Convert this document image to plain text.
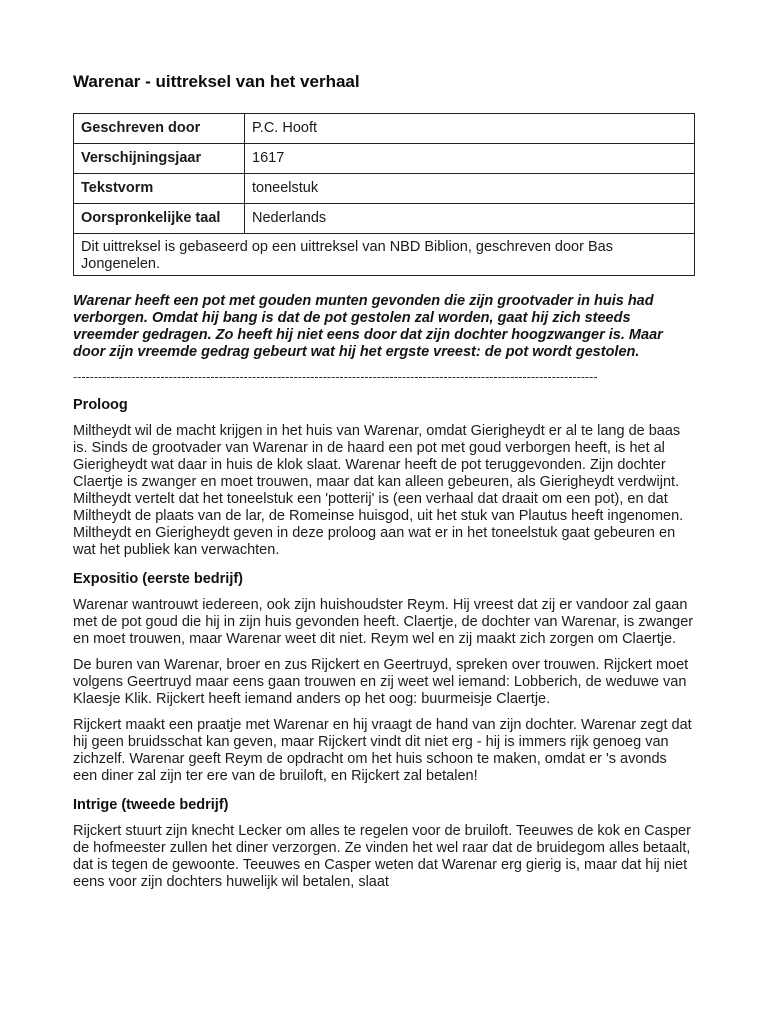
Warenar - uittreksel van het verhaal
Geschreven door	P.C. Hooft
Verschijningsjaar	1617
Tekstvorm	toneelstuk
Oorspronkelijke taal	Nederlands
Dit uittreksel is gebaseerd op een uittreksel van NBD Biblion, geschreven door Bas Jongenelen.	

Warenar heeft een pot met gouden munten gevonden die zijn grootvader in huis had verborgen. Omdat hij bang is dat de pot gestolen zal worden, gaat hij zich steeds vreemder gedragen. Zo heeft hij niet eens door dat zijn dochter hoogzwanger is. Maar door zijn vreemde gedrag gebeurt wat hij het ergste vreest: de pot wordt gestolen.

------------------------------------------------------------------------------------------------------------------------------
Proloog

Miltheydt wil de macht krijgen in het huis van Warenar, omdat Gierigheydt er al te lang de baas is. Sinds de grootvader van Warenar in de haard een pot met goud verborgen heeft, is het al Gierigheydt wat daar in huis de klok slaat. Warenar heeft de pot teruggevonden. Zijn dochter Claertje is zwanger en moet trouwen, maar dat kan alleen gebeuren, als Gierigheydt verdwijnt. Miltheydt vertelt dat het toneelstuk een 'potterij' is (een verhaal dat draait om een pot), en dat Miltheydt de plaats van de lar, de Romeinse huisgod, uit het stuk van Plautus heeft ingenomen. Miltheydt en Gierigheydt geven in deze proloog aan wat er in het toneelstuk gaat gebeuren en wat het publiek kan verwachten.

Expositio (eerste bedrijf)

Warenar wantrouwt iedereen, ook zijn huishoudster Reym. Hij vreest dat zij er vandoor zal gaan met de pot goud die hij in zijn huis gevonden heeft. Claertje, de dochter van Warenar, is zwanger en moet trouwen, maar Warenar weet dit niet. Reym wel en zij maakt zich zorgen om Claertje.

De buren van Warenar, broer en zus Rijckert en Geertruyd, spreken over trouwen. Rijckert moet volgens Geertruyd maar eens gaan trouwen en zij weet wel iemand: Lobberich, de weduwe van Klaesje Klik. Rijckert heeft iemand anders op het oog: buurmeisje Claertje.

Rijckert maakt een praatje met Warenar en hij vraagt de hand van zijn dochter. Warenar zegt dat hij geen bruidsschat kan geven, maar Rijckert vindt dit niet erg - hij is immers rijk genoeg van zichzelf. Warenar geeft Reym de opdracht om het huis schoon te maken, omdat er 's avonds een diner zal zijn ter ere van de bruiloft, en Rijckert zal betalen!

Intrige (tweede bedrijf)

Rijckert stuurt zijn knecht Lecker om alles te regelen voor de bruiloft. Teeuwes de kok en Casper de hofmeester zullen het diner verzorgen. Ze vinden het wel raar dat de bruidegom alles betaalt, dat is tegen de gewoonte. Teeuwes en Casper weten dat Warenar erg gierig is, maar dat hij niet eens voor zijn dochters huwelijk wil betalen, slaat
